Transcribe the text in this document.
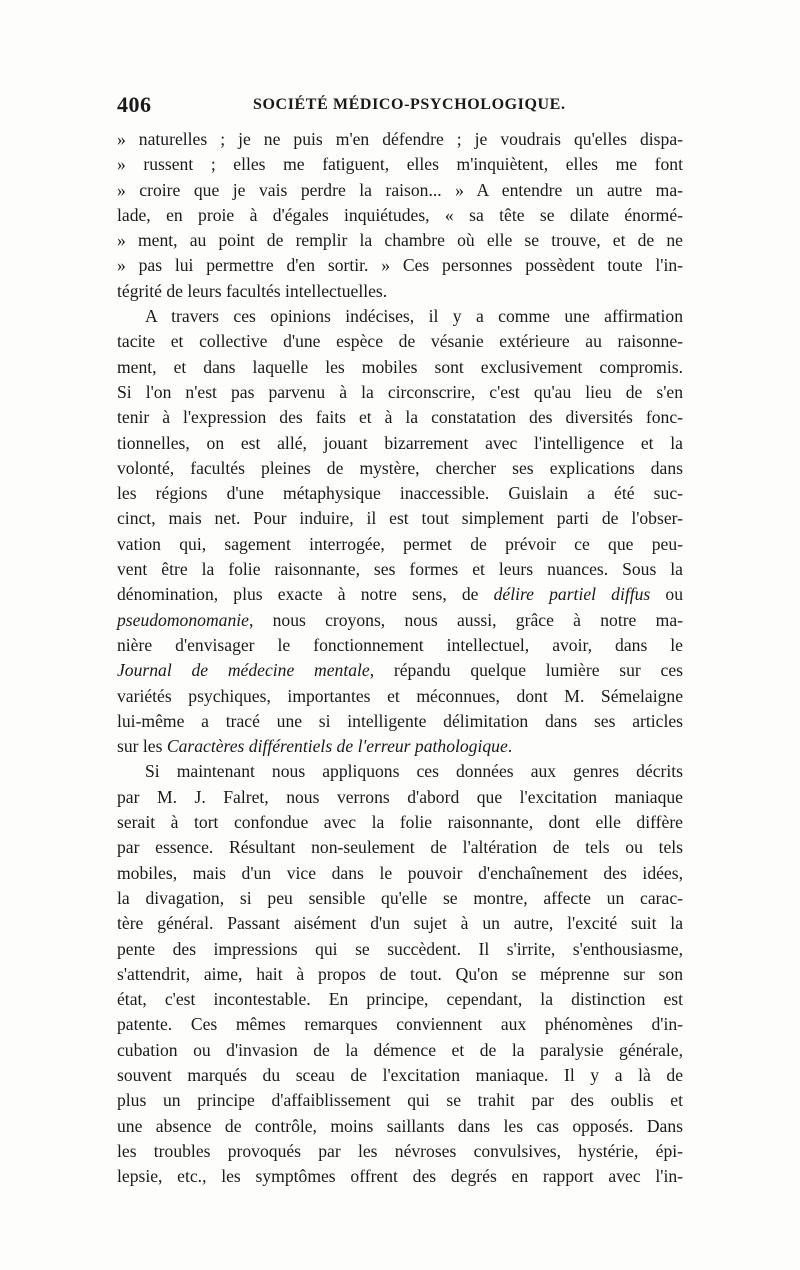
406	SOCIÉTÉ MÉDICO-PSYCHOLOGIQUE.
» naturelles ; je ne puis m'en défendre ; je voudrais qu'elles dispa-
» russent ; elles me fatiguent, elles m'inquiètent, elles me font
» croire que je vais perdre la raison... » A entendre un autre ma-
lade, en proie à d'égales inquiétudes, « sa tête se dilate énormé-
» ment, au point de remplir la chambre où elle se trouve, et de ne
» pas lui permettre d'en sortir. » Ces personnes possèdent toute l'in-
tégrité de leurs facultés intellectuelles.
A travers ces opinions indécises, il y a comme une affirmation
tacite et collective d'une espèce de vésanie extérieure au raisonne-
ment, et dans laquelle les mobiles sont exclusivement compromis.
Si l'on n'est pas parvenu à la circonscrire, c'est qu'au lieu de s'en
tenir à l'expression des faits et à la constatation des diversités fonc-
tionnelles, on est allé, jouant bizarrement avec l'intelligence et la
volonté, facultés pleines de mystère, chercher ses explications dans
les régions d'une métaphysique inaccessible. Guislain a été suc-
cinct, mais net. Pour induire, il est tout simplement parti de l'obser-
vation qui, sagement interrogée, permet de prévoir ce que peu-
vent être la folie raisonnante, ses formes et leurs nuances. Sous la
dénomination, plus exacte à notre sens, de délire partiel diffus ou
pseudomonomanie, nous croyons, nous aussi, grâce à notre ma-
nière d'envisager le fonctionnement intellectuel, avoir, dans le
Journal de médecine mentale, répandu quelque lumière sur ces
variétés psychiques, importantes et méconnues, dont M. Sémelaigne
lui-même a tracé une si intelligente délimitation dans ses articles
sur les Caractères différentiels de l'erreur pathologique.
Si maintenant nous appliquons ces données aux genres décrits
par M. J. Falret, nous verrons d'abord que l'excitation maniaque
serait à tort confondue avec la folie raisonnante, dont elle diffère
par essence. Résultant non-seulement de l'altération de tels ou tels
mobiles, mais d'un vice dans le pouvoir d'enchaînement des idées,
la divagation, si peu sensible qu'elle se montre, affecte un carac-
tère général. Passant aisément d'un sujet à un autre, l'excité suit la
pente des impressions qui se succèdent. Il s'irrite, s'enthousiasme,
s'attendrit, aime, hait à propos de tout. Qu'on se méprenne sur son
état, c'est incontestable. En principe, cependant, la distinction est
patente. Ces mêmes remarques conviennent aux phénomènes d'in-
cubation ou d'invasion de la démence et de la paralysie générale,
souvent marqués du sceau de l'excitation maniaque. Il y a là de
plus un principe d'affaiblissement qui se trahit par des oublis et
une absence de contrôle, moins saillants dans les cas opposés. Dans
les troubles provoqués par les névroses convulsives, hystérie, épi-
lepsie, etc., les symptômes offrent des degrés en rapport avec l'in-
